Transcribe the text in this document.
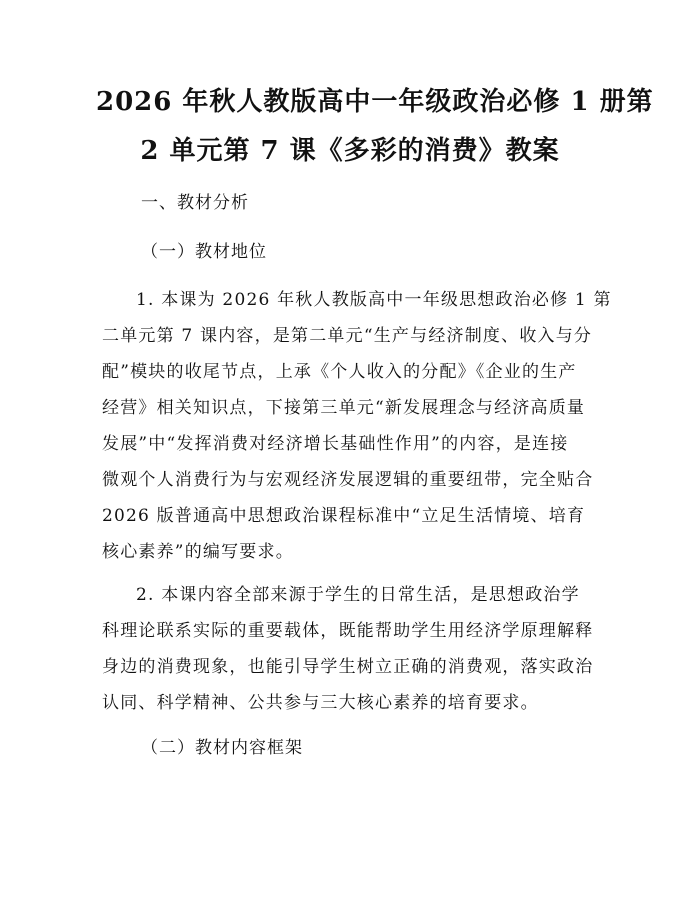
2026 年秋人教版高中一年级政治必修 1 册第
2 单元第 7 课《多彩的消费》教案
一、教材分析
（一）教材地位
1. 本课为 2026 年秋人教版高中一年级思想政治必修 1 第
二单元第 7 课内容，是第二单元“生产与经济制度、收入与分
配”模块的收尾节点，上承《个人收入的分配》《企业的生产
经营》相关知识点，下接第三单元“新发展理念与经济高质量
发展”中“发挥消费对经济增长基础性作用”的内容，是连接
微观个人消费行为与宏观经济发展逻辑的重要纽带，完全贴合
2026 版普通高中思想政治课程标准中“立足生活情境、培育
核心素养”的编写要求。
2. 本课内容全部来源于学生的日常生活，是思想政治学
科理论联系实际的重要载体，既能帮助学生用经济学原理解释
身边的消费现象，也能引导学生树立正确的消费观，落实政治
认同、科学精神、公共参与三大核心素养的培育要求。
（二）教材内容框架
